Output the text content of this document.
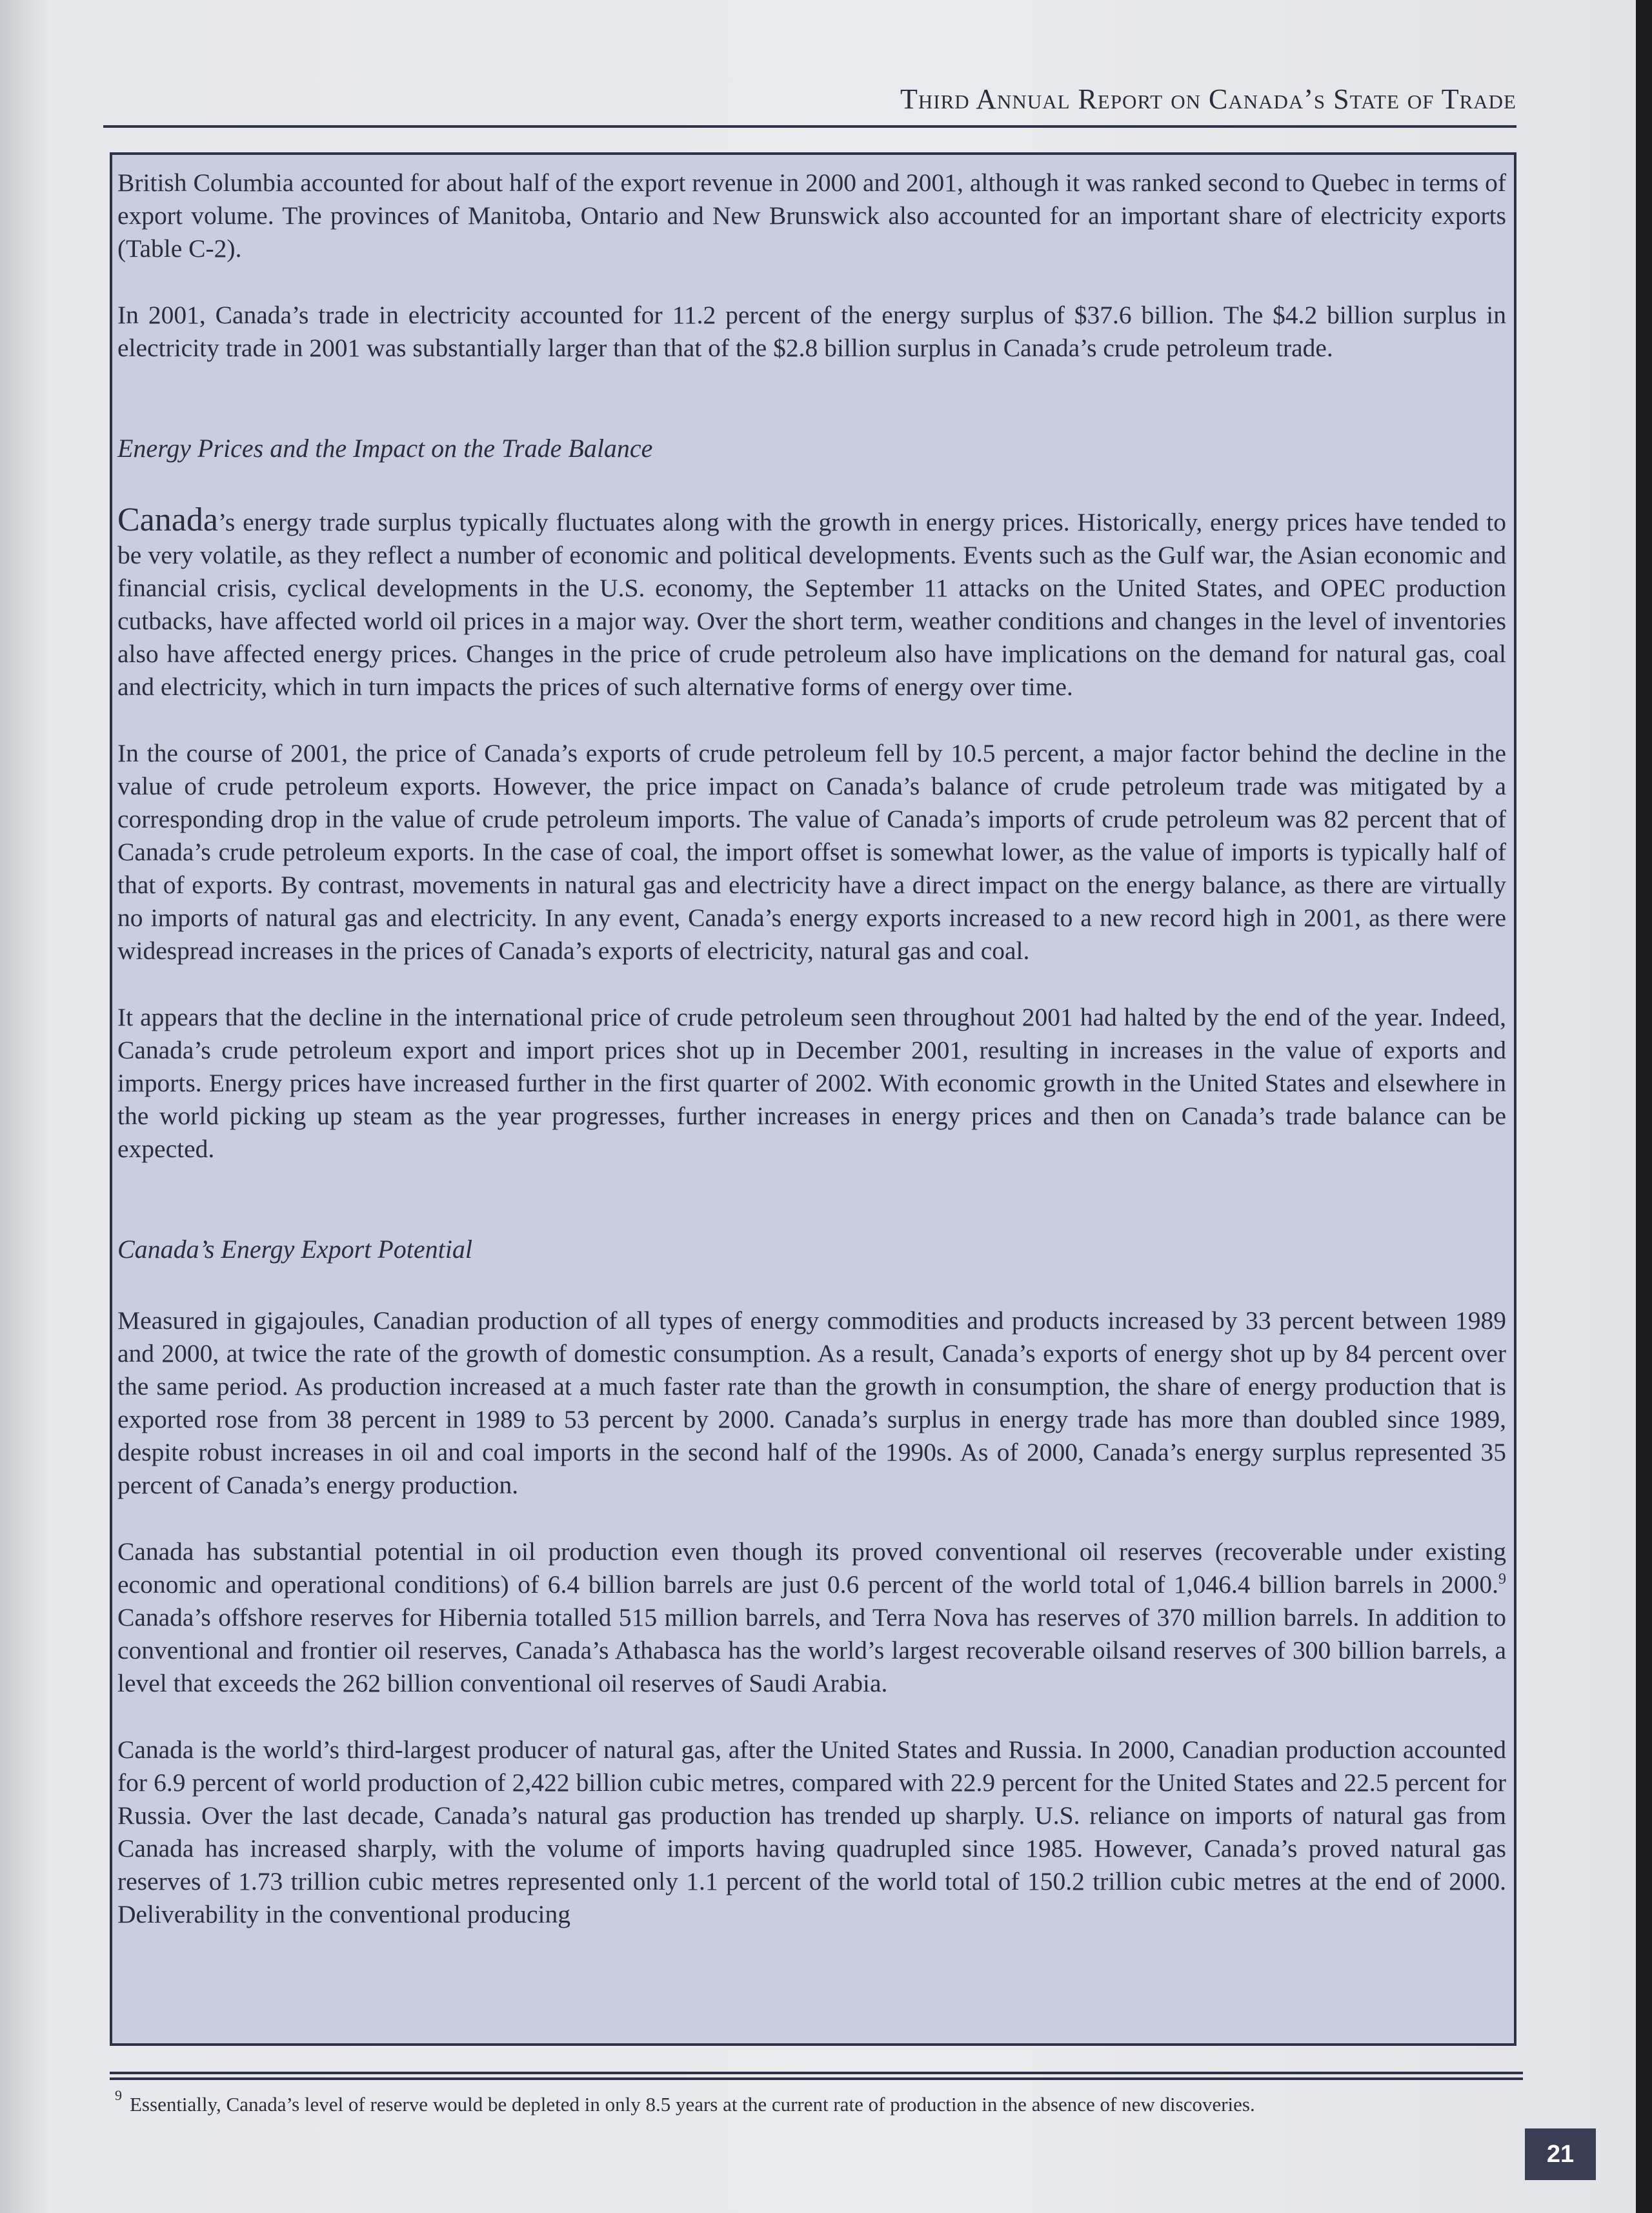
Third Annual Report on Canada’s State of Trade

British Columbia accounted for about half of the export revenue in 2000 and 2001, although it was ranked second to Quebec in terms of export volume. The provinces of Manitoba, Ontario and New Brunswick also accounted for an important share of electricity exports (Table C-2).

In 2001, Canada’s trade in electricity accounted for 11.2 percent of the energy surplus of $37.6 billion. The $4.2 billion surplus in electricity trade in 2001 was substantially larger than that of the $2.8 billion surplus in Canada’s crude petroleum trade.

Energy Prices and the Impact on the Trade Balance

Canada’s energy trade surplus typically fluctuates along with the growth in energy prices. Historically, energy prices have tended to be very volatile, as they reflect a number of economic and political developments. Events such as the Gulf war, the Asian economic and financial crisis, cyclical developments in the U.S. economy, the September 11 attacks on the United States, and OPEC production cutbacks, have affected world oil prices in a major way. Over the short term, weather conditions and changes in the level of inventories also have affected energy prices. Changes in the price of crude petroleum also have implications on the demand for natural gas, coal and electricity, which in turn impacts the prices of such alternative forms of energy over time.

In the course of 2001, the price of Canada’s exports of crude petroleum fell by 10.5 percent, a major factor behind the decline in the value of crude petroleum exports. However, the price impact on Canada’s balance of crude petroleum trade was mitigated by a corresponding drop in the value of crude petroleum imports. The value of Canada’s imports of crude petroleum was 82 percent that of Canada’s crude petroleum exports. In the case of coal, the import offset is somewhat lower, as the value of imports is typically half of that of exports. By contrast, movements in natural gas and electricity have a direct impact on the energy balance, as there are virtually no imports of natural gas and electricity. In any event, Canada’s energy exports increased to a new record high in 2001, as there were widespread increases in the prices of Canada’s exports of electricity, natural gas and coal.

It appears that the decline in the international price of crude petroleum seen throughout 2001 had halted by the end of the year. Indeed, Canada’s crude petroleum export and import prices shot up in December 2001, resulting in increases in the value of exports and imports. Energy prices have increased further in the first quarter of 2002. With economic growth in the United States and elsewhere in the world picking up steam as the year progresses, further increases in energy prices and then on Canada’s trade balance can be expected.

Canada’s Energy Export Potential

Measured in gigajoules, Canadian production of all types of energy commodities and products increased by 33 percent between 1989 and 2000, at twice the rate of the growth of domestic consumption. As a result, Canada’s exports of energy shot up by 84 percent over the same period. As production increased at a much faster rate than the growth in consumption, the share of energy production that is exported rose from 38 percent in 1989 to 53 percent by 2000. Canada’s surplus in energy trade has more than doubled since 1989, despite robust increases in oil and coal imports in the second half of the 1990s. As of 2000, Canada’s energy surplus represented 35 percent of Canada’s energy production.

Canada has substantial potential in oil production even though its proved conventional oil reserves (recoverable under existing economic and operational conditions) of 6.4 billion barrels are just 0.6 percent of the world total of 1,046.4 billion barrels in 2000.$^9$ Canada’s offshore reserves for Hibernia totalled 515 million barrels, and Terra Nova has reserves of 370 million barrels. In addition to conventional and frontier oil reserves, Canada’s Athabasca has the world’s largest recoverable oilsand reserves of 300 billion barrels, a level that exceeds the 262 billion conventional oil reserves of Saudi Arabia.

Canada is the world’s third-largest producer of natural gas, after the United States and Russia. In 2000, Canadian production accounted for 6.9 percent of world production of 2,422 billion cubic metres, compared with 22.9 percent for the United States and 22.5 percent for Russia. Over the last decade, Canada’s natural gas production has trended up sharply. U.S. reliance on imports of natural gas from Canada has increased sharply, with the volume of imports having quadrupled since 1985. However, Canada’s proved natural gas reserves of 1.73 trillion cubic metres represented only 1.1 percent of the world total of 150.2 trillion cubic metres at the end of 2000. Deliverability in the conventional producing

$^9$ Essentially, Canada’s level of reserve would be depleted in only 8.5 years at the current rate of production in the absence of new discoveries.
21
